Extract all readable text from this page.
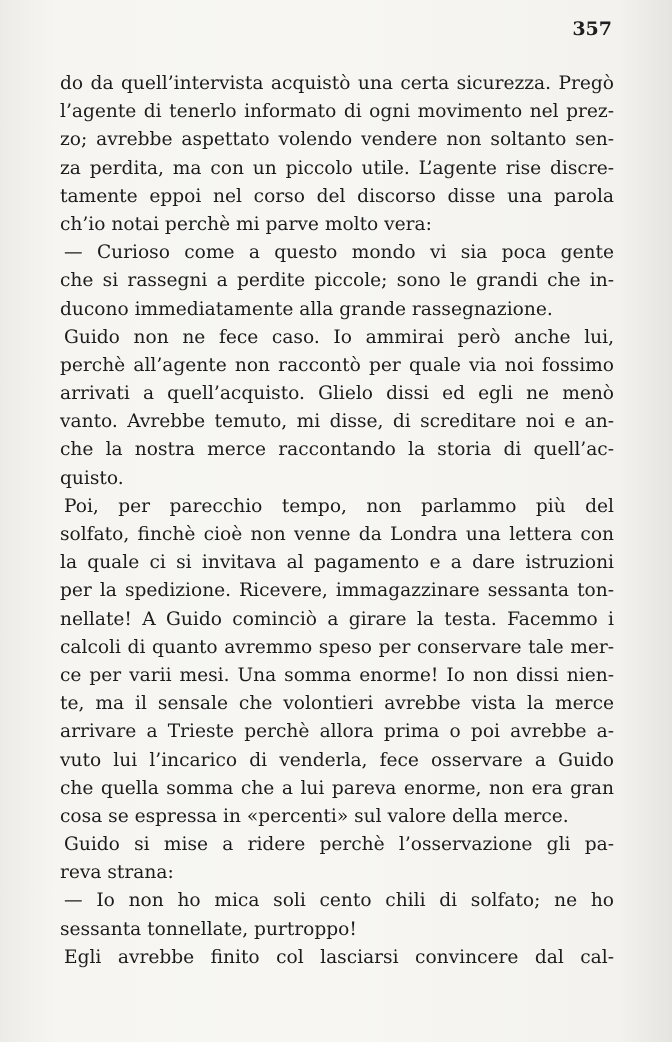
357
do da quell’intervista acquistò una certa sicurezza. Pregò
l’agente di tenerlo informato di ogni movimento nel prez-
zo; avrebbe aspettato volendo vendere non soltanto sen-
za perdita, ma con un piccolo utile. L’agente rise discre-
tamente eppoi nel corso del discorso disse una parola
ch’io notai perchè mi parve molto vera:
— Curioso come a questo mondo vi sia poca gente
che si rassegni a perdite piccole; sono le grandi che in-
ducono immediatamente alla grande rassegnazione.
Guido non ne fece caso. Io ammirai però anche lui,
perchè all’agente non raccontò per quale via noi fossimo
arrivati a quell’acquisto. Glielo dissi ed egli ne menò
vanto. Avrebbe temuto, mi disse, di screditare noi e an-
che la nostra merce raccontando la storia di quell’ac-
quisto.
Poi, per parecchio tempo, non parlammo più del
solfato, finchè cioè non venne da Londra una lettera con
la quale ci si invitava al pagamento e a dare istruzioni
per la spedizione. Ricevere, immagazzinare sessanta ton-
nellate! A Guido cominciò a girare la testa. Facemmo i
calcoli di quanto avremmo speso per conservare tale mer-
ce per varii mesi. Una somma enorme! Io non dissi nien-
te, ma il sensale che volontieri avrebbe vista la merce
arrivare a Trieste perchè allora prima o poi avrebbe a-
vuto lui l’incarico di venderla, fece osservare a Guido
che quella somma che a lui pareva enorme, non era gran
cosa se espressa in «percenti» sul valore della merce.
Guido si mise a ridere perchè l’osservazione gli pa-
reva strana:
— Io non ho mica soli cento chili di solfato; ne ho
sessanta tonnellate, purtroppo!
Egli avrebbe finito col lasciarsi convincere dal cal-
